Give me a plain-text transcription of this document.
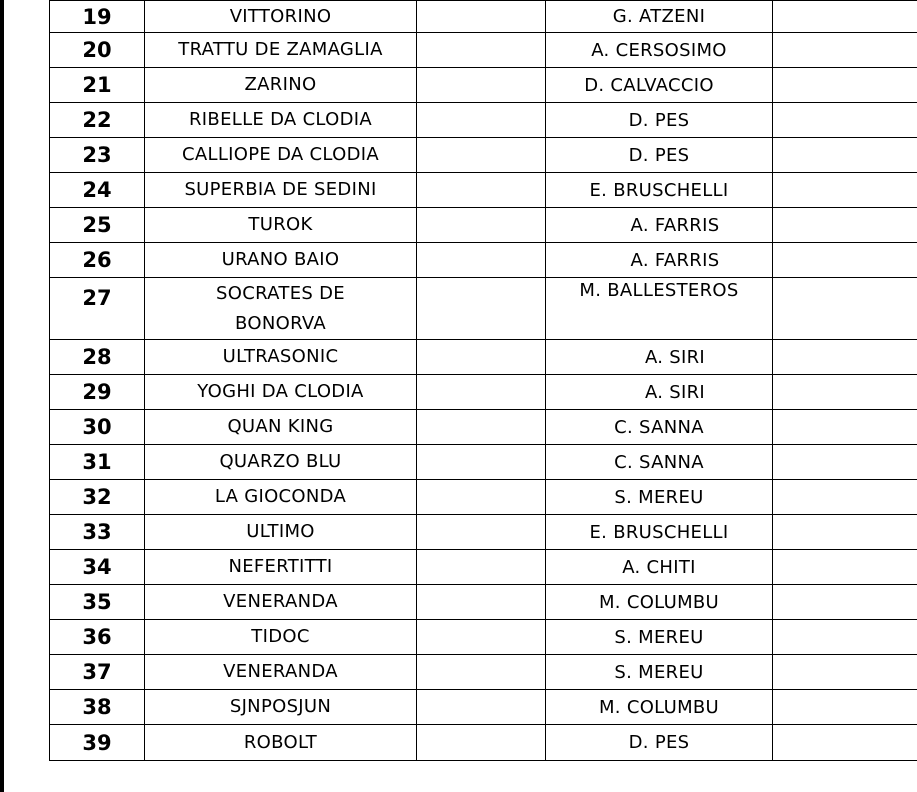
19	VITTORINO		G. ATZENI	
20	TRATTU DE ZAMAGLIA		A. CERSOSIMO	
21	ZARINO		D. CALVACCIO	
22	RIBELLE DA CLODIA		D. PES	
23	CALLIOPE DA CLODIA		D. PES	
24	SUPERBIA DE SEDINI		E. BRUSCHELLI	
25	TUROK		A. FARRIS	
26	URANO BAIO		A. FARRIS	
27	SOCRATES DE BONORVA		M. BALLESTEROS	
28	ULTRASONIC		A. SIRI	
29	YOGHI DA CLODIA		A. SIRI	
30	QUAN KING		C. SANNA	
31	QUARZO BLU		C. SANNA	
32	LA GIOCONDA		S. MEREU	
33	ULTIMO		E. BRUSCHELLI	
34	NEFERTITTI		A. CHITI	
35	VENERANDA		M. COLUMBU	
36	TIDOC		S. MEREU	
37	VENERANDA		S. MEREU	
38	SJNPOSJUN		M. COLUMBU	
39	ROBOLT		D. PES	
